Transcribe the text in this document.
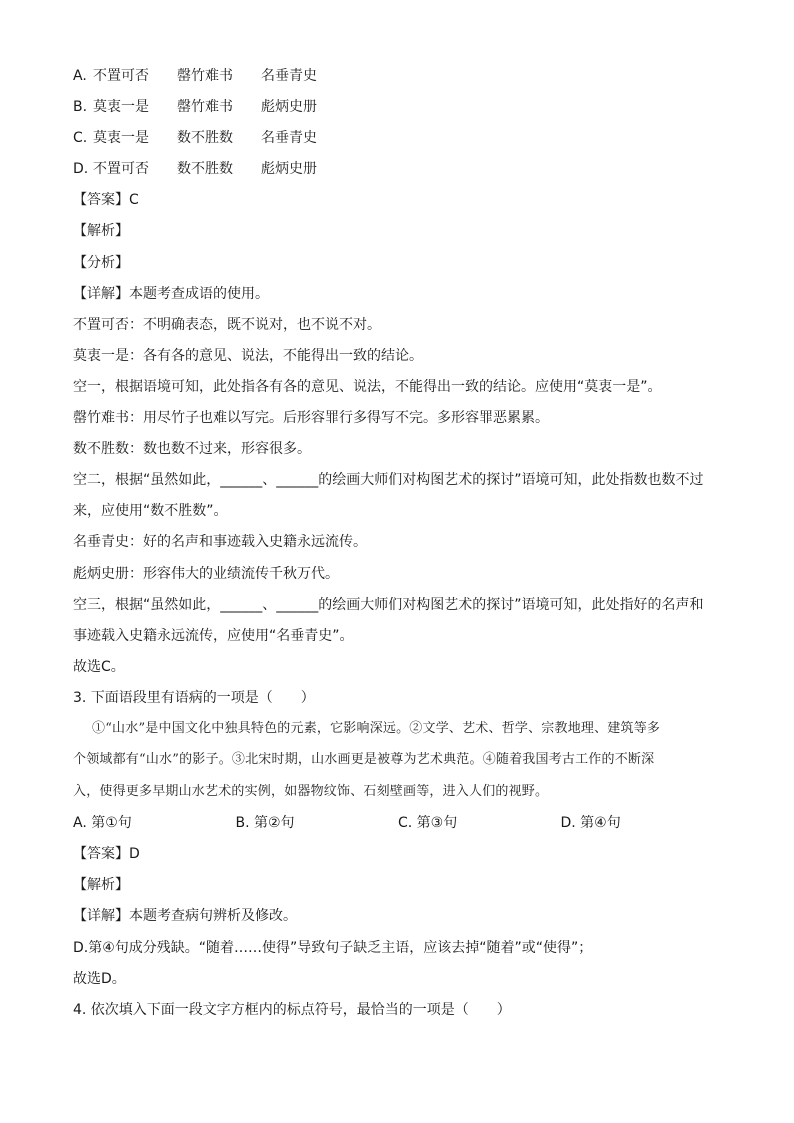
A. 不置可否	罄竹难书	名垂青史
B. 莫衷一是	罄竹难书	彪炳史册
C. 莫衷一是	数不胜数	名垂青史
D. 不置可否	数不胜数	彪炳史册
【答案】C
【解析】
【分析】
【详解】本题考查成语的使用。
不置可否：不明确表态，既不说对，也不说不对。
莫衷一是：各有各的意见、说法，不能得出一致的结论。
空一，根据语境可知，此处指各有各的意见、说法，不能得出一致的结论。应使用“莫衷一是”。
罄竹难书：用尽竹子也难以写完。后形容罪行多得写不完。多形容罪恶累累。
数不胜数：数也数不过来，形容很多。
空二，根据“虽然如此，______、______的绘画大师们对构图艺术的探讨”语境可知，此处指数也数不过
来，应使用“数不胜数”。
名垂青史：好的名声和事迹载入史籍永远流传。
彪炳史册：形容伟大的业绩流传千秋万代。
空三，根据“虽然如此，______、______的绘画大师们对构图艺术的探讨”语境可知，此处指好的名声和
事迹载入史籍永远流传，应使用“名垂青史”。
故选C。
3. 下面语段里有语病的一项是（　　）
①“山水”是中国文化中独具特色的元素，它影响深远。②文学、艺术、哲学、宗教地理、建筑等多
个领域都有“山水”的影子。③北宋时期，山水画更是被尊为艺术典范。④随着我国考古工作的不断深
入，使得更多早期山水艺术的实例，如器物纹饰、石刻壁画等，进入人们的视野。
A. 第①句	B. 第②句	C. 第③句	D. 第④句
【答案】D
【解析】
【详解】本题考查病句辨析及修改。
D.第④句成分残缺。“随着……使得”导致句子缺乏主语，应该去掉“随着”或“使得”；
故选D。
4. 依次填入下面一段文字方框内的标点符号，最恰当的一项是（　　）
